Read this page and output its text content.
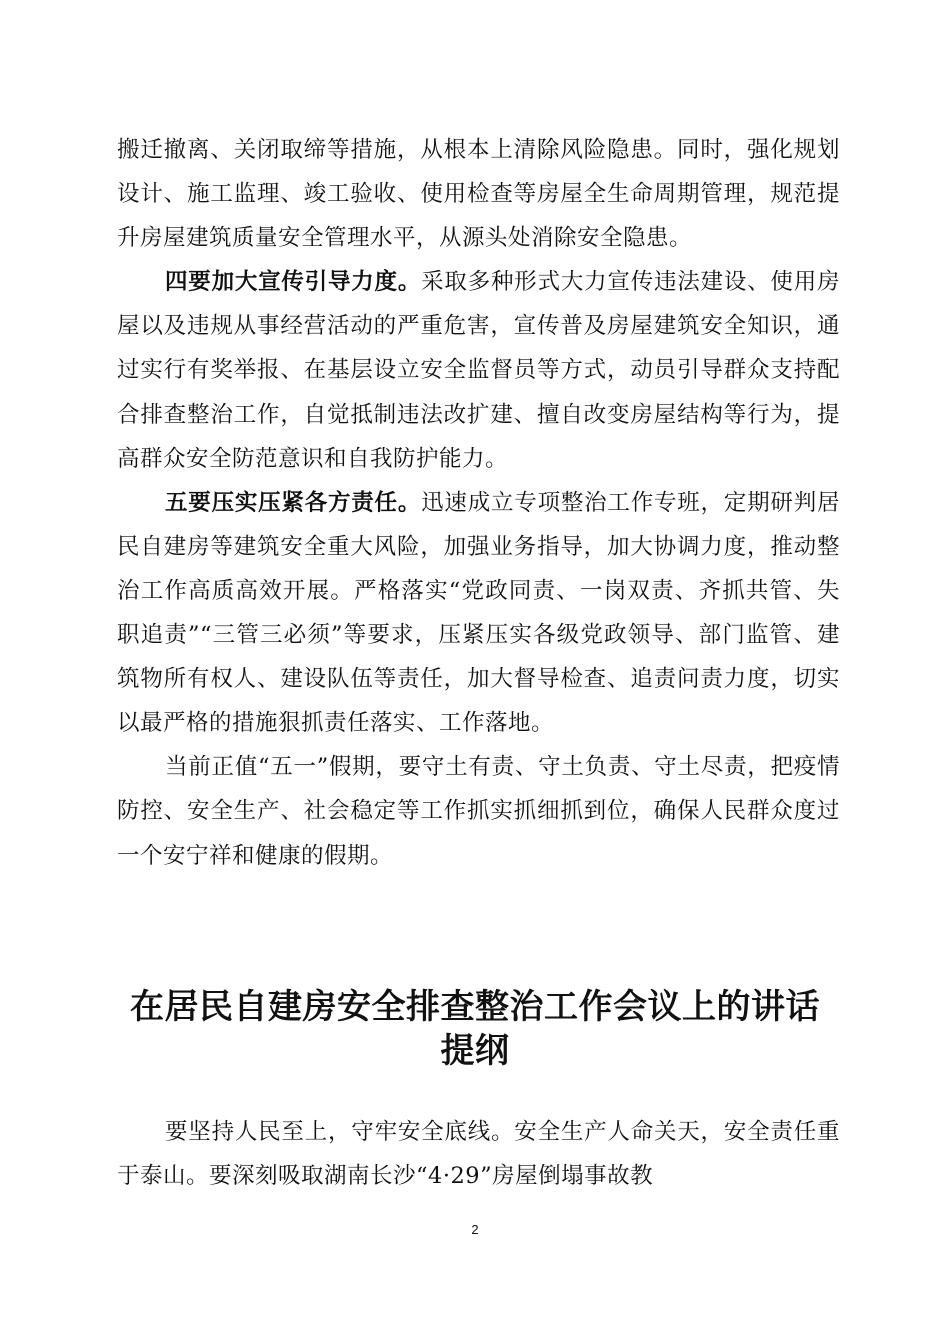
搬迁撤离、关闭取缔等措施，从根本上清除风险隐患。同时，强化规划设计、施工监理、竣工验收、使用检查等房屋全生命周期管理，规范提升房屋建筑质量安全管理水平，从源头处消除安全隐患。

四要加大宣传引导力度。采取多种形式大力宣传违法建设、使用房屋以及违规从事经营活动的严重危害，宣传普及房屋建筑安全知识，通过实行有奖举报、在基层设立安全监督员等方式，动员引导群众支持配合排查整治工作，自觉抵制违法改扩建、擅自改变房屋结构等行为，提高群众安全防范意识和自我防护能力。

五要压实压紧各方责任。迅速成立专项整治工作专班，定期研判居民自建房等建筑安全重大风险，加强业务指导，加大协调力度，推动整治工作高质高效开展。严格落实“党政同责、一岗双责、齐抓共管、失职追责”“三管三必须”等要求，压紧压实各级党政领导、部门监管、建筑物所有权人、建设队伍等责任，加大督导检查、追责问责力度，切实以最严格的措施狠抓责任落实、工作落地。

当前正值“五一”假期，要守土有责、守土负责、守土尽责，把疫情防控、安全生产、社会稳定等工作抓实抓细抓到位，确保人民群众度过一个安宁祥和健康的假期。

在居民自建房安全排查整治工作会议上的讲话
提纲

要坚持人民至上，守牢安全底线。安全生产人命关天，安全责任重于泰山。要深刻吸取湖南长沙“4·29”房屋倒塌事故教

2
